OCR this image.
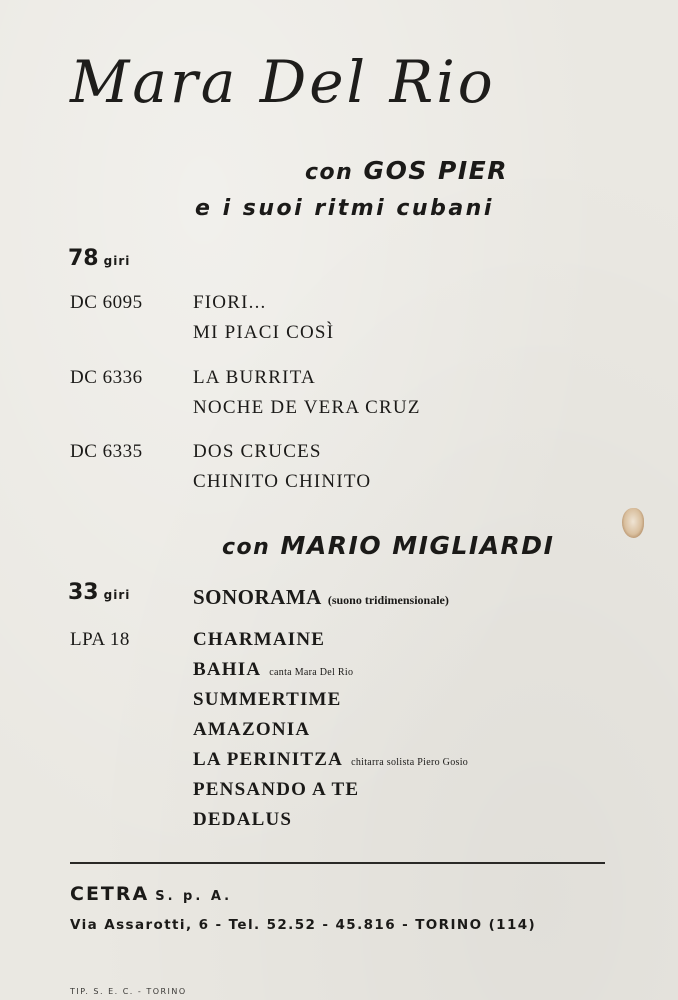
Mara Del Rio
con GOS PIER
e i suoi ritmi cubani
78 giri
DC 6095	FIORI...
MI PIACI COSÌ
DC 6336	LA BURRITA
NOCHE DE VERA CRUZ
DC 6335	DOS CRUCES
CHINITO CHINITO
con MARIO MIGLIARDI
33 giri	SONORAMA (suono tridimensionale)
LPA 18	CHARMAINE
BAHIA canta Mara Del Rio
SUMMERTIME
AMAZONIA
LA PERINITZA chitarra solista Piero Gosio
PENSANDO A TE
DEDALUS
CETRA S. p. A.
Via Assarotti, 6 - Tel. 52.52 - 45.816 - TORINO (114)
TIP. S. E. C. - TORINO
